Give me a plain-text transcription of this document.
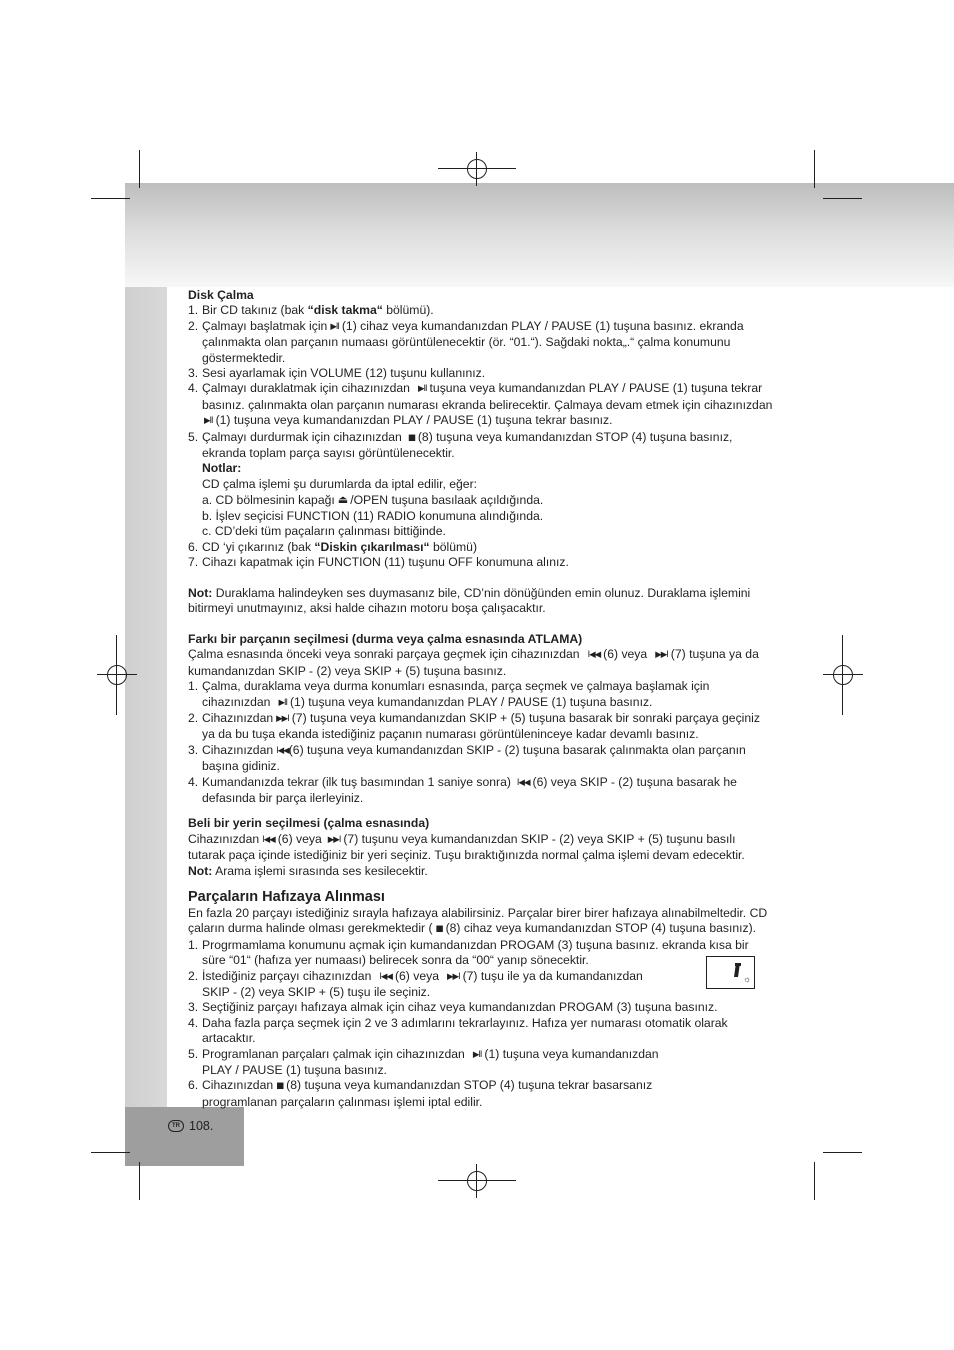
Disk Çalma

1. Bir CD takınız (bak “disk takma“ bölümü).
2. Çalmayı başlatmak için ▶II (1) cihaz veya kumandanızdan PLAY / PAUSE (1) tuşuna basınız. ekranda
çalınmakta olan parçanın numaası görüntülenecektir (ör. “01.“). Sağdaki nokta„.“ çalma konumunu
göstermektedir.
3. Sesi ayarlamak için VOLUME (12) tuşunu kullanınız.
4. Çalmayı duraklatmak için cihazınızdan ▶II tuşuna veya kumandanızdan PLAY / PAUSE (1) tuşuna tekrar
basınız. çalınmakta olan parçanın numarası ekranda belirecektir. Çalmaya devam etmek için cihazınızdan
▶II (1) tuşuna veya kumandanızdan PLAY / PAUSE (1) tuşuna tekrar basınız.
5. Çalmayı durdurmak için cihazınızdan ■ (8) tuşuna veya kumandanızdan STOP (4) tuşuna basınız,
ekranda toplam parça sayısı görüntülenecektir.

Notlar:

CD çalma işlemi şu durumlarda da iptal edilir, eğer:

a. CD bölmesinin kapağı ⏏ /OPEN tuşuna basılaak açıldığında.

b. İşlev seçicisi FUNCTION (11) RADIO konumuna alındığında.

c. CD’deki tüm paçaların çalınması bittiğinde.

6. CD ‘yi çıkarınız (bak “Diskin çıkarılması“ bölümü)
7. Cihazı kapatmak için FUNCTION (11) tuşunu OFF konumuna alınız.

Not: Duraklama halindeyken ses duymasanız bile, CD’nin dönüğünden emin olunuz. Duraklama işlemini
bitirmeyi unutmayınız, aksi halde cihazın motoru boşa çalışacaktır.

Farkı bir parçanın seçilmesi (durma veya çalma esnasında ATLAMA)

Çalma esnasında önceki veya sonraki parçaya geçmek için cihazınızdan I◀◀ (6) veya ▶▶I (7) tuşuna ya da
kumandanızdan SKIP - (2) veya SKIP + (5) tuşuna basınız.

1. Çalma, duraklama veya durma konumları esnasında, parça seçmek ve çalmaya başlamak için
cihazınızdan ▶II (1) tuşuna veya kumandanızdan PLAY / PAUSE (1) tuşuna basınız.
2. Cihazınızdan ▶▶I (7) tuşuna veya kumandanızdan SKIP + (5) tuşuna basarak bir sonraki parçaya geçiniz
ya da bu tuşa ekanda istediğiniz paçanın numarası görüntüleninceye kadar devamlı basınız.
3. Cihazınızdan I◀◀(6) tuşuna veya kumandanızdan SKIP - (2) tuşuna basarak çalınmakta olan parçanın
başına gidiniz.
4. Kumandanızda tekrar (ilk tuş basımından 1 saniye sonra) I◀◀ (6) veya SKIP - (2) tuşuna basarak he
defasında bir parça ilerleyiniz.

Beli bir yerin seçilmesi (çalma esnasında)

Cihazınızdan I◀◀ (6) veya ▶▶I (7) tuşunu veya kumandanızdan SKIP - (2) veya SKIP + (5) tuşunu basılı
tutarak paça içinde istediğiniz bir yeri seçiniz. Tuşu bıraktığınızda normal çalma işlemi devam edecektir.
Not: Arama işlemi sırasında ses kesilecektir.

Parçaların Hafızaya Alınması

En fazla 20 parçayı istediğiniz sırayla hafızaya alabilirsiniz. Parçalar birer birer hafızaya alınabilmeltedir. CD
çaların durma halinde olması gerekmektedir ( ■ (8) cihaz veya kumandanızdan STOP (4) tuşuna basınız).

1. Progrmamlama konumunu açmak için kumandanızdan PROGAM (3) tuşuna basınız. ekranda kısa bir
süre “01“ (hafıza yer numaası) belirecek sonra da “00“ yanıp sönecektir.
2. İstediğiniz parçayı cihazınızdan I◀◀ (6) veya ▶▶I (7) tuşu ile ya da kumandanızdan
SKIP - (2) veya SKIP + (5) tuşu ile seçiniz.
3. Seçtiğiniz parçayı hafızaya almak için cihaz veya kumandanızdan PROGAM (3) tuşuna basınız.
4. Daha fazla parça seçmek için 2 ve 3 adımlarını tekrarlayınız. Hafıza yer numarası otomatik olarak
artacaktır.
5. Programlanan parçaları çalmak için cihazınızdan ▶II (1) tuşuna veya kumandanızdan
PLAY / PAUSE (1) tuşuna basınız.
6. Cihazınızdan ■ (8) tuşuna veya kumandanızdan STOP (4) tuşuna tekrar basarsanız
programlanan parçaların çalınması işlemi iptal edilir.
☼
TR 108.
